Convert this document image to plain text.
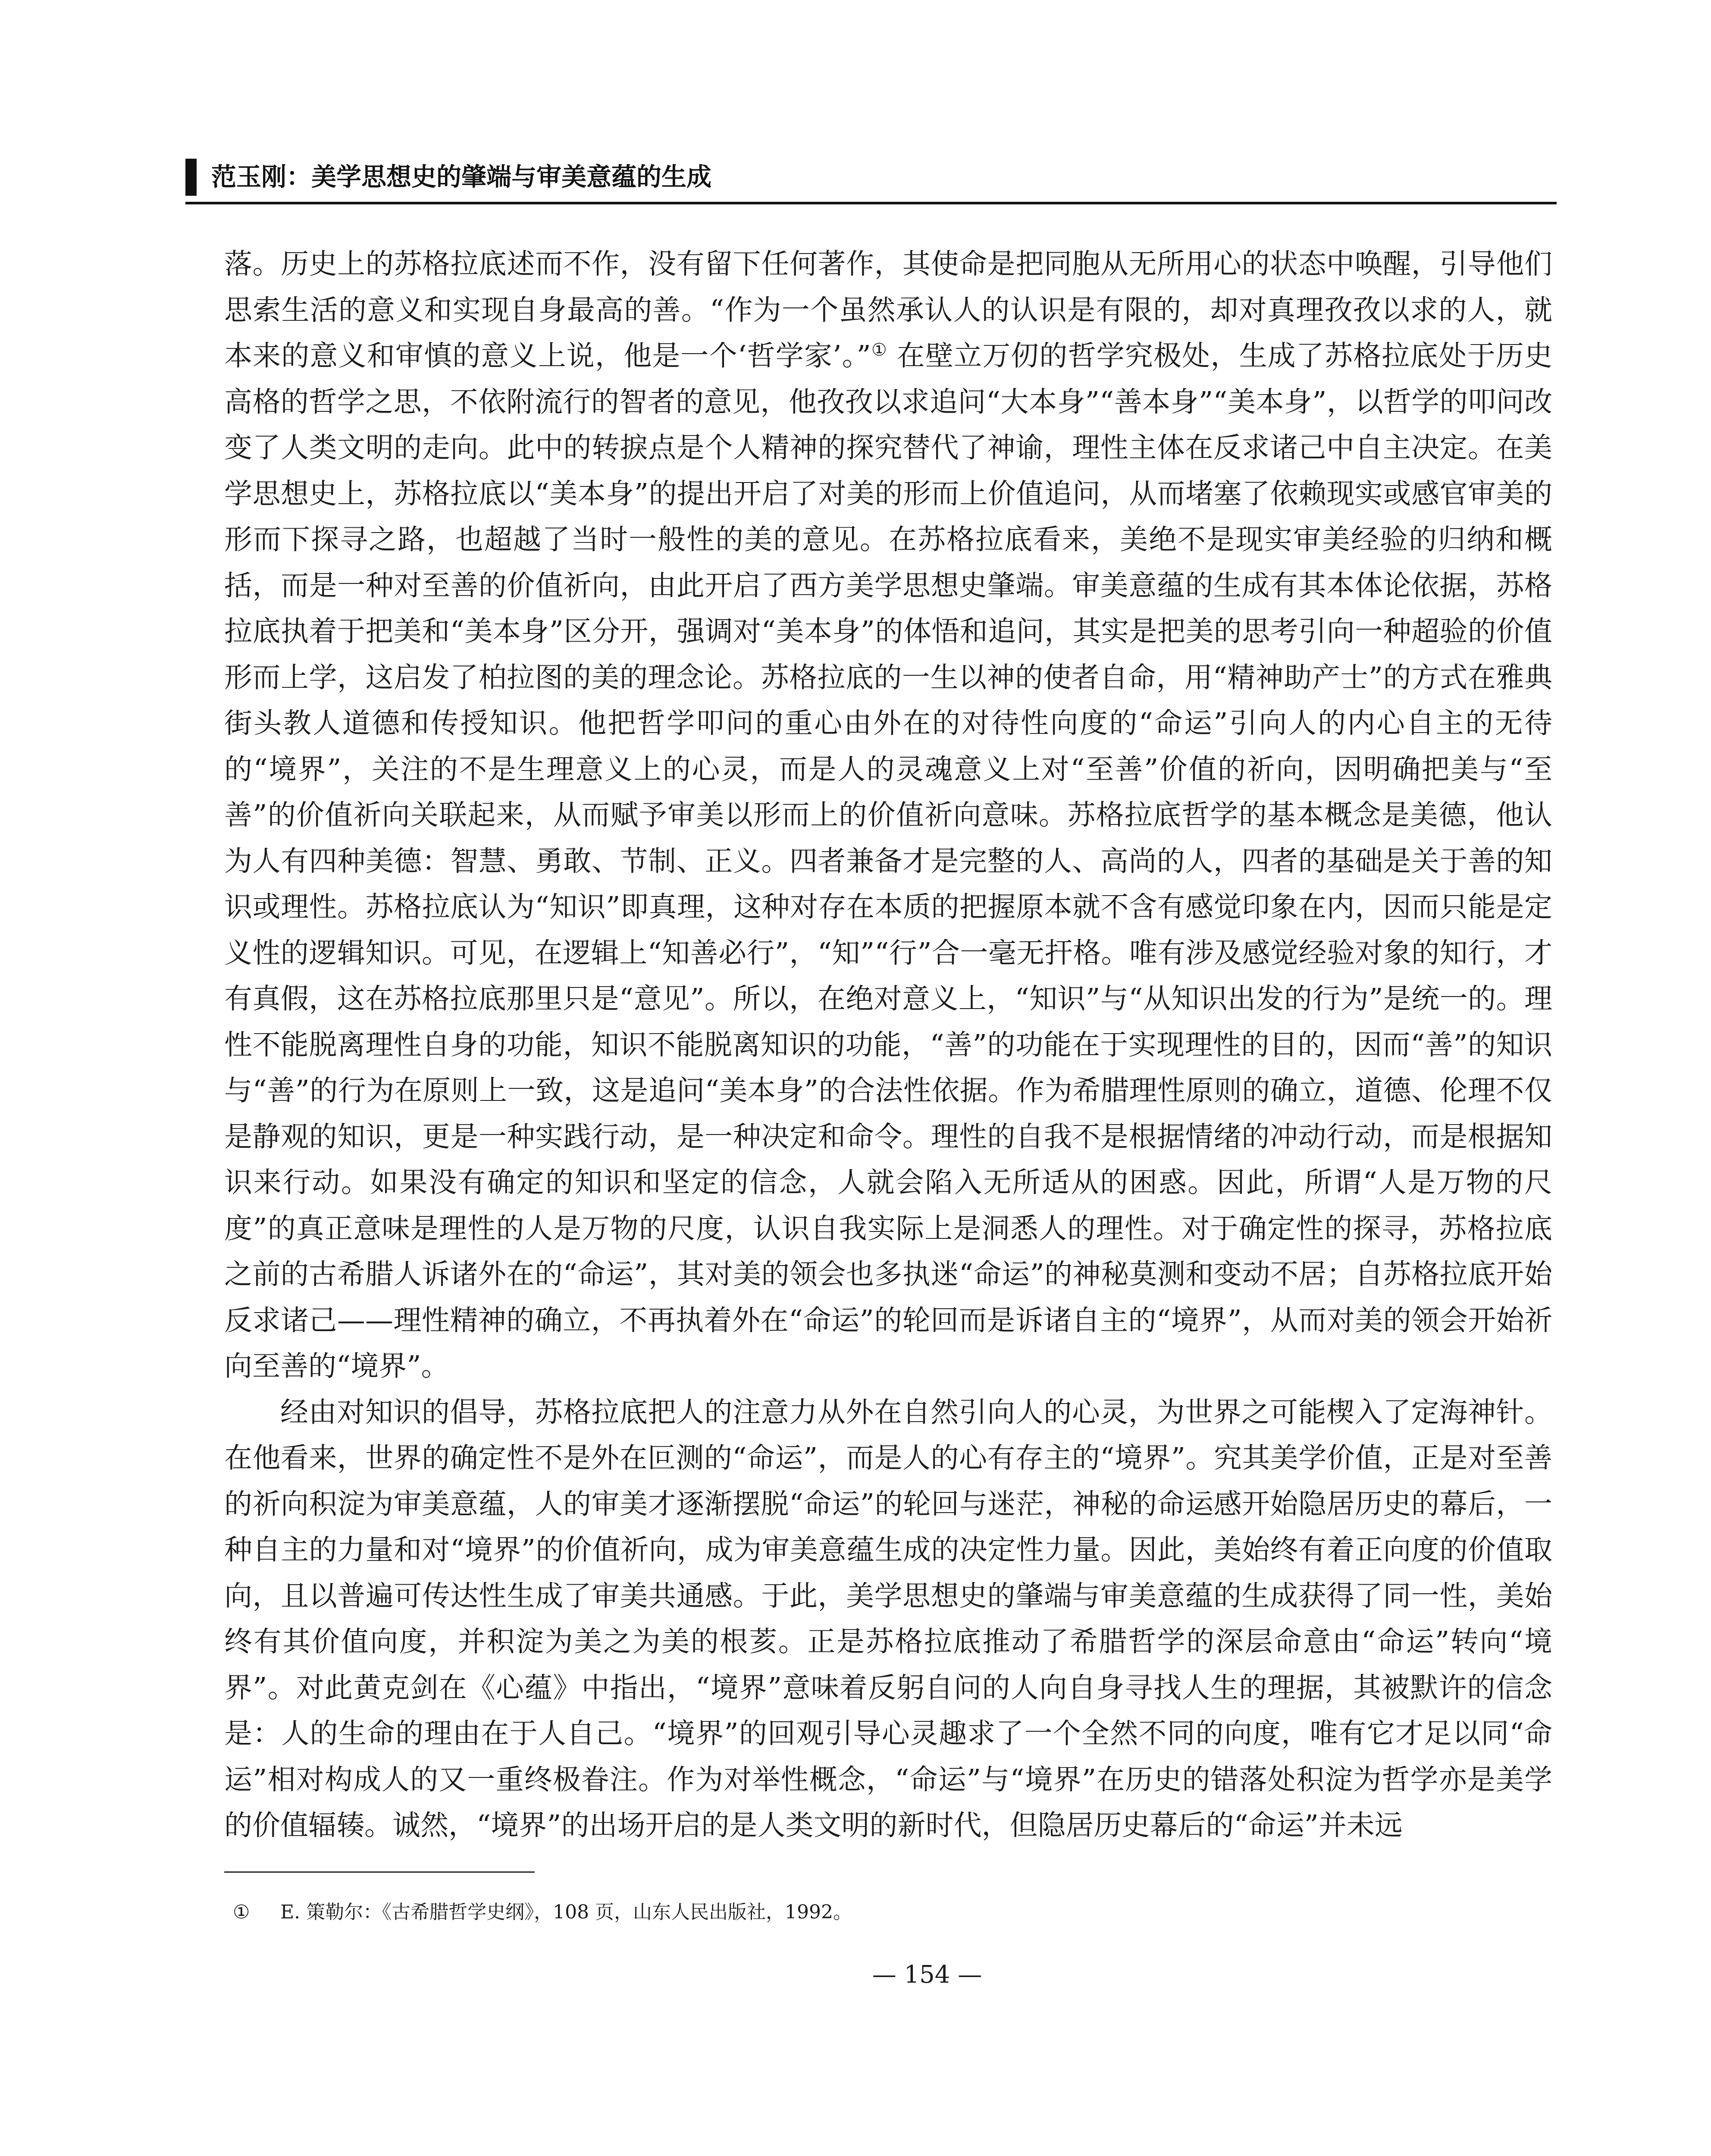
范玉刚：美学思想史的肇端与审美意蕴的生成

落。历史上的苏格拉底述而不作，没有留下任何著作，其使命是把同胞从无所用心的状态中唤醒，引导他们思索生活的意义和实现自身最高的善。“作为一个虽然承认人的认识是有限的，却对真理孜孜以求的人，就本来的意义和审慎的意义上说，他是一个‘哲学家’。”① 在壁立万仞的哲学究极处，生成了苏格拉底处于历史高格的哲学之思，不依附流行的智者的意见，他孜孜以求追问“大本身”“善本身”“美本身”，以哲学的叩问改变了人类文明的走向。此中的转捩点是个人精神的探究替代了神谕，理性主体在反求诸己中自主决定。在美学思想史上，苏格拉底以“美本身”的提出开启了对美的形而上价值追问，从而堵塞了依赖现实或感官审美的形而下探寻之路，也超越了当时一般性的美的意见。在苏格拉底看来，美绝不是现实审美经验的归纳和概括，而是一种对至善的价值祈向，由此开启了西方美学思想史肇端。审美意蕴的生成有其本体论依据，苏格拉底执着于把美和“美本身”区分开，强调对“美本身”的体悟和追问，其实是把美的思考引向一种超验的价值形而上学，这启发了柏拉图的美的理念论。苏格拉底的一生以神的使者自命，用“精神助产士”的方式在雅典街头教人道德和传授知识。他把哲学叩问的重心由外在的对待性向度的“命运”引向人的内心自主的无待的“境界”，关注的不是生理意义上的心灵，而是人的灵魂意义上对“至善”价值的祈向，因明确把美与“至善”的价值祈向关联起来，从而赋予审美以形而上的价值祈向意味。苏格拉底哲学的基本概念是美德，他认为人有四种美德：智慧、勇敢、节制、正义。四者兼备才是完整的人、高尚的人，四者的基础是关于善的知识或理性。苏格拉底认为“知识”即真理，这种对存在本质的把握原本就不含有感觉印象在内，因而只能是定义性的逻辑知识。可见，在逻辑上“知善必行”，“知”“行”合一毫无扞格。唯有涉及感觉经验对象的知行，才有真假，这在苏格拉底那里只是“意见”。所以，在绝对意义上，“知识”与“从知识出发的行为”是统一的。理性不能脱离理性自身的功能，知识不能脱离知识的功能，“善”的功能在于实现理性的目的，因而“善”的知识与“善”的行为在原则上一致，这是追问“美本身”的合法性依据。作为希腊理性原则的确立，道德、伦理不仅是静观的知识，更是一种实践行动，是一种决定和命令。理性的自我不是根据情绪的冲动行动，而是根据知识来行动。如果没有确定的知识和坚定的信念，人就会陷入无所适从的困惑。因此，所谓“人是万物的尺度”的真正意味是理性的人是万物的尺度，认识自我实际上是洞悉人的理性。对于确定性的探寻，苏格拉底之前的古希腊人诉诸外在的“命运”，其对美的领会也多执迷“命运”的神秘莫测和变动不居；自苏格拉底开始反求诸己——理性精神的确立，不再执着外在“命运”的轮回而是诉诸自主的“境界”，从而对美的领会开始祈向至善的“境界”。

经由对知识的倡导，苏格拉底把人的注意力从外在自然引向人的心灵，为世界之可能楔入了定海神针。在他看来，世界的确定性不是外在叵测的“命运”，而是人的心有存主的“境界”。究其美学价值，正是对至善的祈向积淀为审美意蕴，人的审美才逐渐摆脱“命运”的轮回与迷茫，神秘的命运感开始隐居历史的幕后，一种自主的力量和对“境界”的价值祈向，成为审美意蕴生成的决定性力量。因此，美始终有着正向度的价值取向，且以普遍可传达性生成了审美共通感。于此，美学思想史的肇端与审美意蕴的生成获得了同一性，美始终有其价值向度，并积淀为美之为美的根荄。正是苏格拉底推动了希腊哲学的深层命意由“命运”转向“境界”。对此黄克剑在《心蕴》中指出，“境界”意味着反躬自问的人向自身寻找人生的理据，其被默许的信念是：人的生命的理由在于人自己。“境界”的回观引导心灵趣求了一个全然不同的向度，唯有它才足以同“命运”相对构成人的又一重终极眷注。作为对举性概念，“命运”与“境界”在历史的错落处积淀为哲学亦是美学的价值辐辏。诚然，“境界”的出场开启的是人类文明的新时代，但隐居历史幕后的“命运”并未远

① E. 策勒尔：《古希腊哲学史纲》，108 页，山东人民出版社，1992。
— 154 —
